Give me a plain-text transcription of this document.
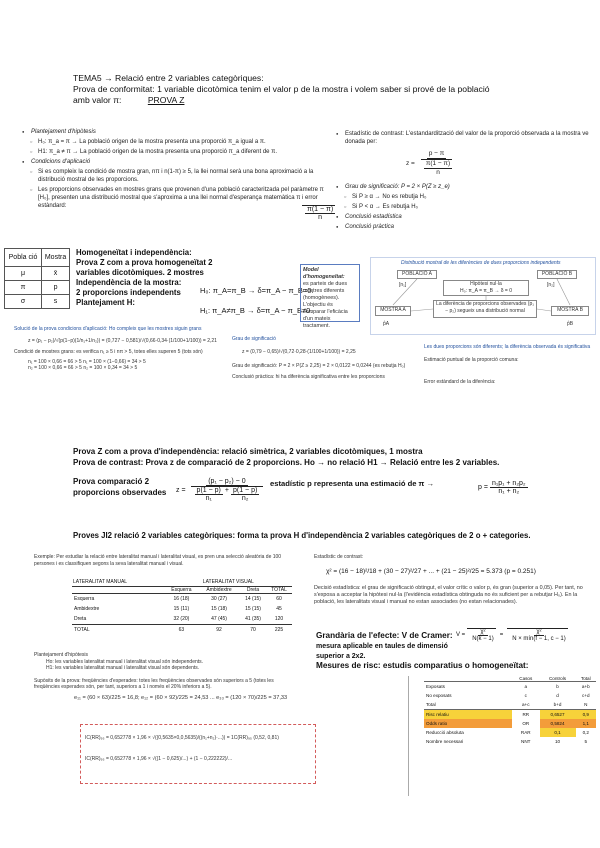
TEMA5 → Relació entre 2 variables categòriques:
Prova de conformitat: 1 variable dicotòmica tenim el valor p de la mostra i volem saber si prové de la població
amb valor π:	PROVA Z
● Plantejament d'hipòtesis
○ H₀: π_a = π → La població origen de la mostra presenta una proporció π_a igual a π.
○ H1: π_a ≠ π → La població origen de la mostra presenta una proporció π_a diferent de π.
● Condicions d'aplicació
○ Si es compleix la condició de mostra gran, nπ i n(1-π) ≥ 5, la llei normal serà una bona aproximació a la distribució mostral de les proporcions.
○ Les proporcions observades en mostres grans que provenen d'una població caracteritzada pel paràmetre π [H₀], presenten una distribució mostral que s'aproxima a una llei normal d'esperança matemàtica π i error estàndard:	$\frac{\pi(1 - \pi)}{n}$
● Estadístic de contrast: L'estandardització del valor de la proporció observada a la mostra ve donada per:
$z = \frac{p - \pi}{\frac{\pi(1 - \pi)}{n}}$
● Grau de significació: P = 2 × P(Z ≥ z_e)
○ Si P ≥ α → No es rebutja H₀
○ Si P < α → Es rebutja H₀
● Conclusió estadística
● Conclusió pràctica
Pobla ció	Mostra
μ	x̄
π	p
σ	s
Homogeneïtat i independència:
Prova Z com a prova homogeneïtat 2 variables dicotòmiques. 2 mostres
Independència de la mostra:
2 proporcions independents
Plantejament H:
H₀: π_A=π_B → δ=π_A − π_B=0.
H₁: π_A≠π_B → δ=π_A − π_B≠0.
Model d'homogeneïtat:
es parteix de dues mostres diferents (homogènees). L'objectiu és comparar l'eficàcia d'un mateix tractament.
Distribució mostral de les diferències de dues proporcions independents
POBLACIÓ A	POBLACIÓ B
Hipòtesi nul·la
H₀: π_A = π_B → δ = 0
[n₁]	[n₂]
La diferència de proporcions observades (p₁ − p₂) segueix una distribució normal
MOSTRA A	MOSTRA B
p̂A	p̂B
Solució de la prova condicions d'aplicació: Ho compleix que les mostres siguin grans
z = (p₁ − p₂)/√(p(1−p)(1/n₁+1/n₂)) = (0,727 − 0,581)/√(0,66·0,34·(1/100+1/100)) = 2,21
Condició de mostres grans: es verifica n₁ ≥ 5 i nπ > 5, totes elles superen 5 (tots són)
n₁ = 100 × 0,66 = 66 > 5 n₁ = 100 × (1−0,66) = 34 > 5
n₂ = 100 × 0,66 = 66 > 5 n₂ = 100 × 0,34 = 34 > 5
Grau de significació
z = (0,79 − 0,65)/√(0,72·0,28·(1/100+1/100)) = 2,25
Grau de significació: P = 2 × P(Z ≥ 2,25) = 2 × 0,0122 = 0,0244 (es rebutja H₀)
Conclusió pràctica: hi ha diferència significativa entre les proporcions
Les dues proporcions són diferents; la diferència observada és significativa
Estimació puntual de la proporció comuna:
Error estàndard de la diferència:
Prova Z com a prova d'independència: relació simètrica, 2 variables dicotòmiques, 1 mostra
Prova de contrast: Prova z de comparació de 2 proporcions. Ho → no relació H1 → Relació entre les 2 variables.
Prova comparació 2
proporcions observades $z = \frac{\text{(p₁ − p₂) − 0}}{\frac{p(1 - p)}{\text{n₁}} + \frac{p(1 - p)}{\text{n₂}}}$ estadístic p representa una estimació de π →	$p = \frac{\text{n₁p₁ + n₂p₂}}{\text{n₁ + n₂}}$
Proves JI2 relació 2 variables categòriques: forma ta prova H d'independència 2 variables categòriques de 2 o + categories.
Exemple: Per estudiar la relació entre lateralitat manual i lateralitat visual, es pren una selecció aleatòria de 100 persones i es classifiquen segons la seva lateralitat manual i visual.
LATERALITAT MANUAL	LATERALITAT VISUAL			
	Esquerra	Ambidextre	Dreta	TOTAL
Esquerra	16 (18)	30 (27)	14 (15)	60
Ambidextre	15 (11)	15 (18)	15 (15)	45
Dreta	32 (20)	47 (45)	41 (35)	120
TOTAL	63	92	70	225
Plantejament d'hipòtesis
Ho: les variables lateralitat manual i lateralitat visual són independents.
H1: les variables lateralitat manual i lateralitat visual són dependents.
Supòsits de la prova: freqüències d'esperades: totes les freqüències observades són superiors a 5 (totes les freqüències esperades són, per tant, superiors a 1 i només el 20% inferiors a 5).
e₁₁ = (60 × 63)/225 = 16,8; e₁₂ = (60 × 92)/225 = 24,53 ... e₃₃ = (120 × 70)/225 = 37,33
Estadístic de contrast:
χ² = (16 − 18)²/18 + (30 − 27)²/27 + ... + (21 − 25)²/25 = 5.373 (p = 0.251)
Decisió estadística: el grau de significació obtingut, el valor crític o valor p, és gran (superior a 0,05). Per tant, no s'exposa a acceptar la hipòtesi nul·la (l'evidència estadística obtinguda no és suficient per a rebutjar H₀). En la població, les lateralitats visual i manual no estan associades (no estan relacionades).
Grandària de l'efecte: V de Cramer:
mesura aplicable en taules de dimensió
superior a 2x2.
Mesures de risc: estudis comparatius o homogeneïtat:
$V = \frac{\text{χ²}}{N(k - 1)} = \frac{\text{χ²}}{\text{N × mín(f − 1, c − 1)}}$
IC(RR)₉₅ = 0,652778 × 1,96 × √((0,5635×0,0,5635)/((n₁+n₂)·...)) = 1C(RR)₉₅ (0,52, 0,81)
IC(RR)₉₅ = 0,652778 × 1,96 × √((1 − 0,625)/...) + (1 − 0,222222)/...
	Casos	Controls	Total
Exposats	a	b	a+b
No exposats	c	d	c+d
Total	a+c	b+d	N
Risc relatiu	RR	0,6527	0,9
Odds ratio	OR	0,5824	1,1
Reducció absoluta	RAR	0,1	0,2
Nombre necessari	NNT	10	5
